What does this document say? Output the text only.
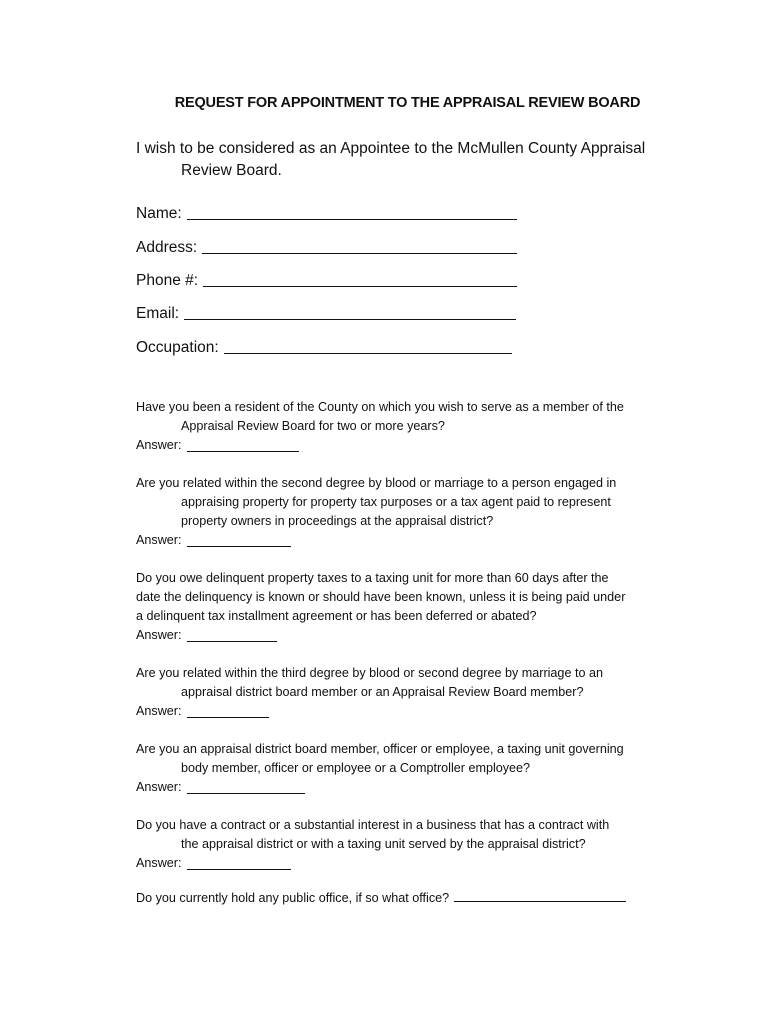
REQUEST FOR APPOINTMENT TO THE APPRAISAL REVIEW BOARD
I wish to be considered as an Appointee to the McMullen County Appraisal
Review Board.
Name:
Address:
Phone #:
Email:
Occupation:
Have you been a resident of the County on which you wish to serve as a member of the
Appraisal Review Board for two or more years?
Answer:
Are you related within the second degree by blood or marriage to a person engaged in
appraising property for property tax purposes or a tax agent paid to represent
property owners in proceedings at the appraisal district?
Answer:
Do you owe delinquent property taxes to a taxing unit for more than 60 days after the
date the delinquency is known or should have been known, unless it is being paid under
a delinquent tax installment agreement or has been deferred or abated?
Answer:
Are you related within the third degree by blood or second degree by marriage to an
appraisal district board member or an Appraisal Review Board member?
Answer:
Are you an appraisal district board member, officer or employee, a taxing unit governing
body member, officer or employee or a Comptroller employee?
Answer:
Do you have a contract or a substantial interest in a business that has a contract with
the appraisal district or with a taxing unit served by the appraisal district?
Answer:
Do you currently hold any public office, if so what office?
